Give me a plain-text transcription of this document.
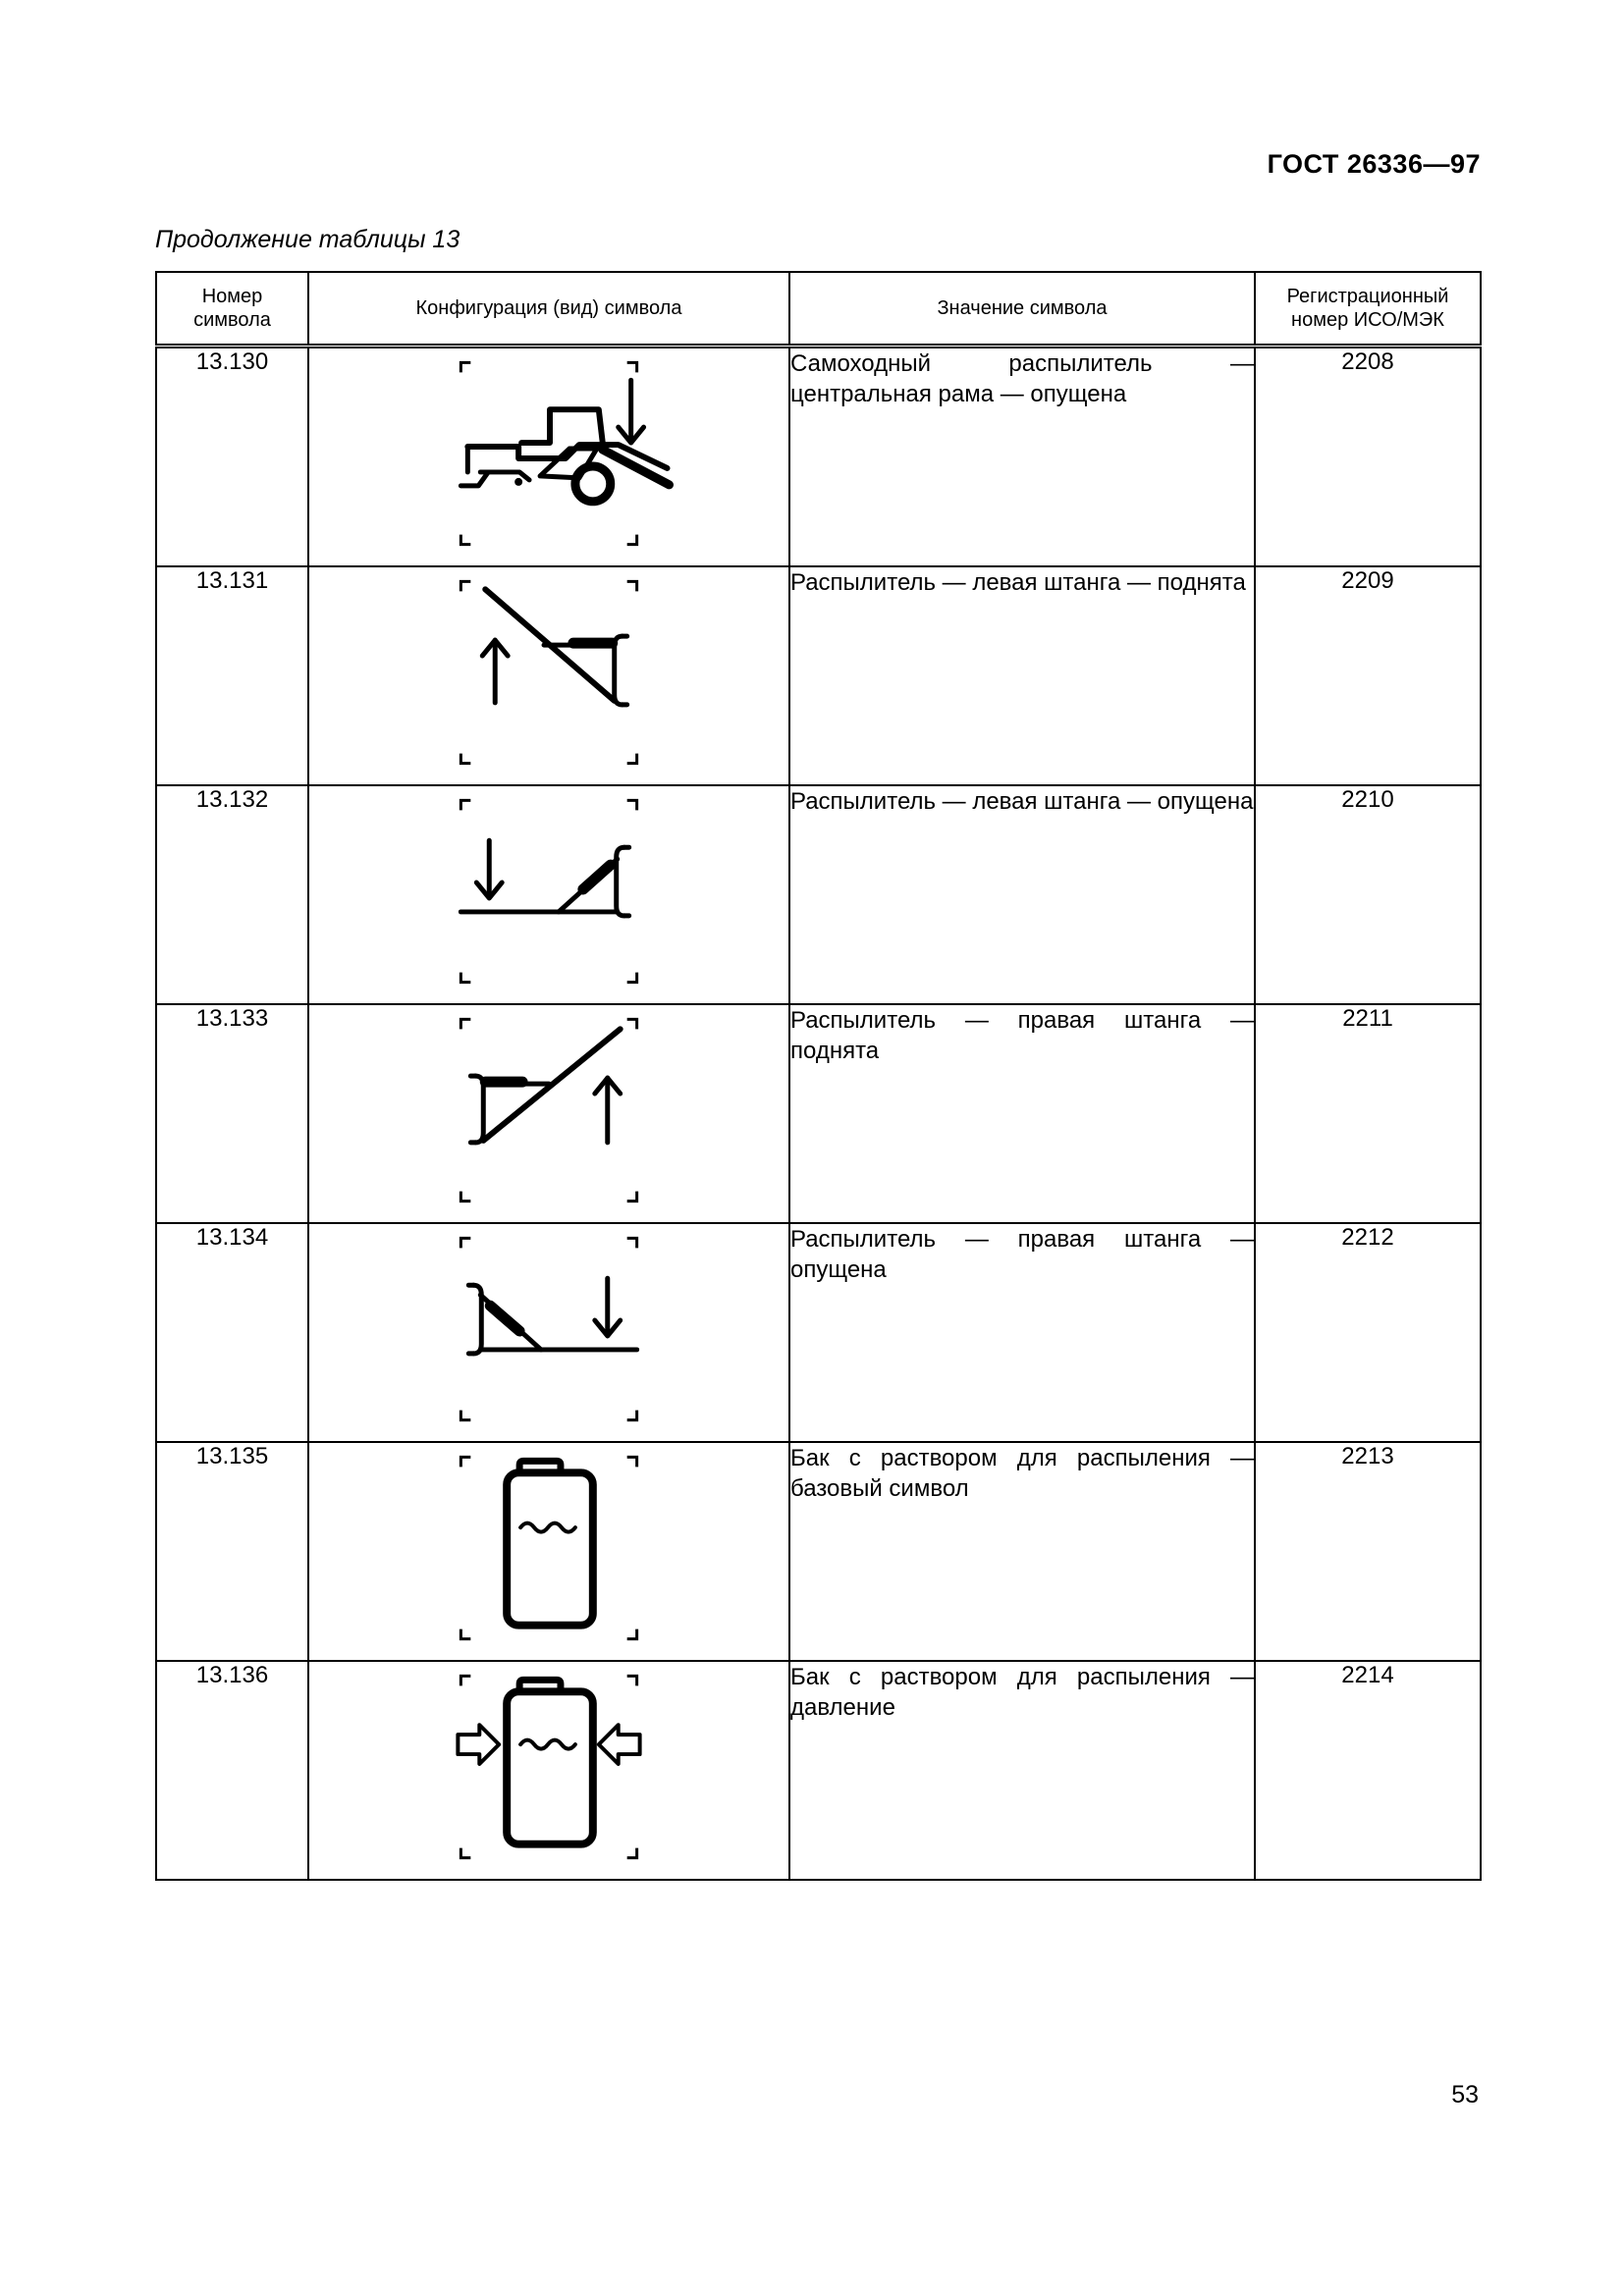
ГОСТ 26336—97
Продолжение таблицы 13
Номер символа	Конфигурация (вид) символа	Значение символа	Регистрационный номер ИСО/МЭК
13.130		Самоходный распылитель — центральная рама — опущена	2208
13.131		Распылитель — левая штанга — поднята	2209
13.132		Распылитель — левая штанга — опущена	2210
13.133		Распылитель — правая штанга — поднята	2211
13.134		Распылитель — правая штанга — опущена	2212
13.135		Бак с раствором для распыления — базовый символ	2213
13.136		Бак с раствором для распыления — давление	2214
53
